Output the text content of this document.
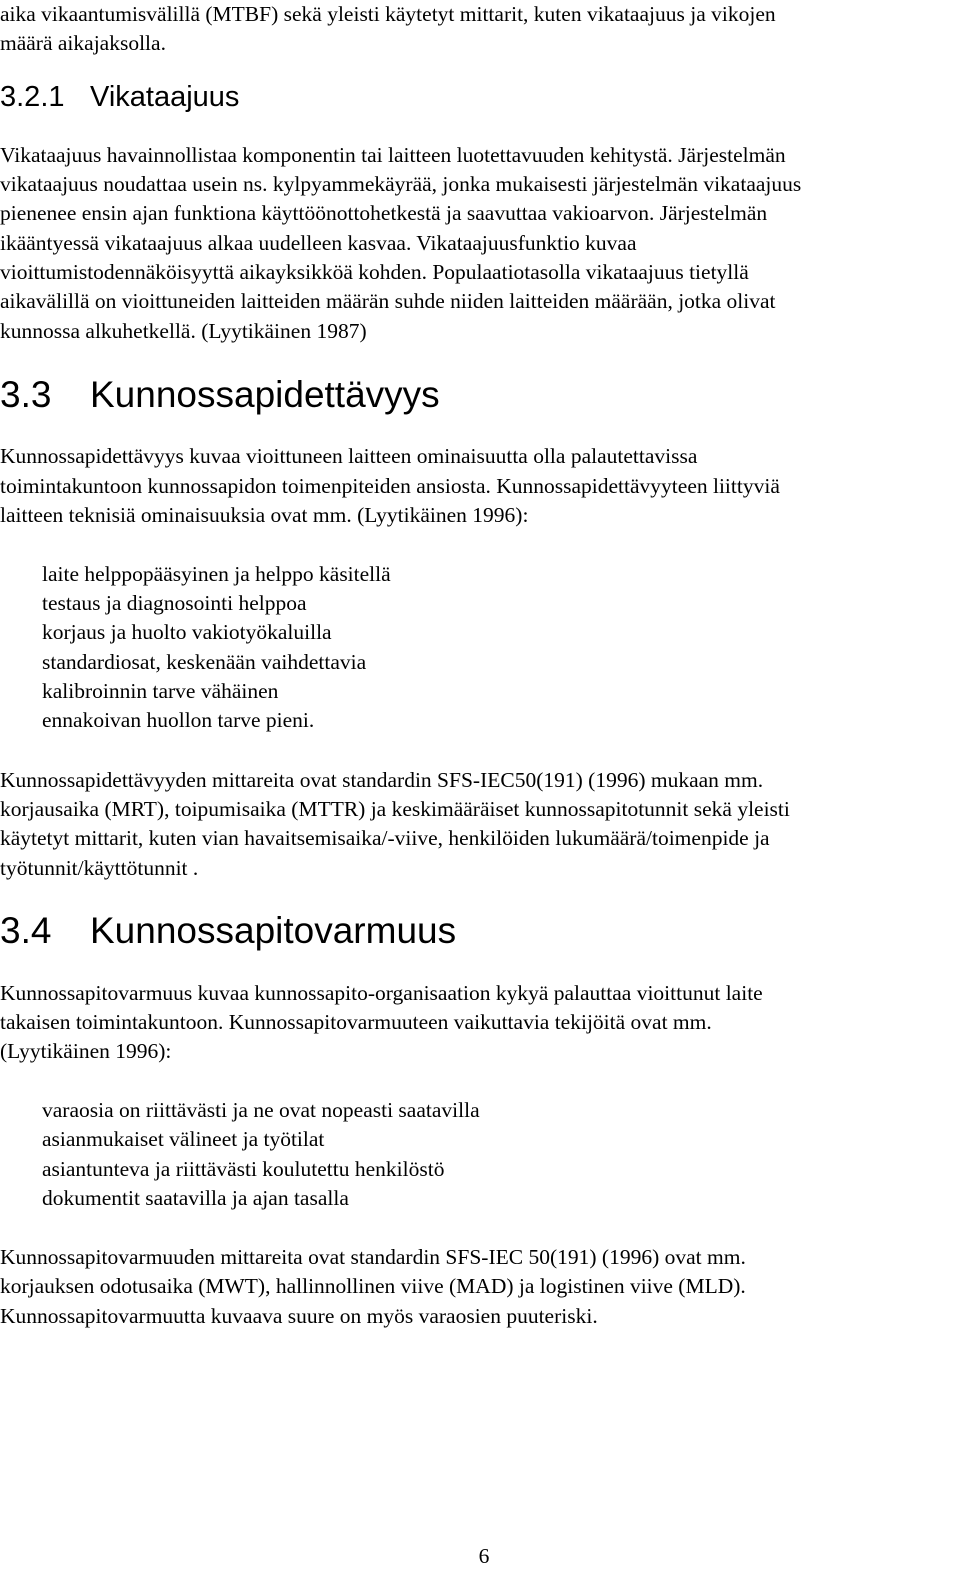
aika vikaantumisvälillä (MTBF) sekä yleisti käytetyt mittarit, kuten vikataajuus ja vikojen
määrä aikajaksolla.
3.2.1 Vikataajuus
Vikataajuus havainnollistaa komponentin tai laitteen luotettavuuden kehitystä. Järjestelmän
vikataajuus noudattaa usein ns. kylpyammekäyrää, jonka mukaisesti järjestelmän vikataajuus
pienenee ensin ajan funktiona käyttöönottohetkestä ja saavuttaa vakioarvon. Järjestelmän
ikääntyessä vikataajuus alkaa uudelleen kasvaa. Vikataajuusfunktio kuvaa
vioittumistodennäköisyyttä aikayksikköä kohden. Populaatiotasolla vikataajuus tietyllä
aikavälillä on vioittuneiden laitteiden määrän suhde niiden laitteiden määrään, jotka olivat
kunnossa alkuhetkellä. (Lyytikäinen 1987)
3.3 Kunnossapidettävyys
Kunnossapidettävyys kuvaa vioittuneen laitteen ominaisuutta olla palautettavissa
toimintakuntoon kunnossapidon toimenpiteiden ansiosta. Kunnossapidettävyyteen liittyviä
laitteen teknisiä ominaisuuksia ovat mm. (Lyytikäinen 1996):
laite helppopääsyinen ja helppo käsitellä
testaus ja diagnosointi helppoa
korjaus ja huolto vakiotyökaluilla
standardiosat, keskenään vaihdettavia
kalibroinnin tarve vähäinen
ennakoivan huollon tarve pieni.
Kunnossapidettävyyden mittareita ovat standardin SFS-IEC50(191) (1996) mukaan mm.
korjausaika (MRT), toipumisaika (MTTR) ja keskimääräiset kunnossapitotunnit sekä yleisti
käytetyt mittarit, kuten vian havaitsemisaika/-viive, henkilöiden lukumäärä/toimenpide ja
työtunnit/käyttötunnit .
3.4 Kunnossapitovarmuus
Kunnossapitovarmuus kuvaa kunnossapito-organisaation kykyä palauttaa vioittunut laite
takaisen toimintakuntoon. Kunnossapitovarmuuteen vaikuttavia tekijöitä ovat mm.
(Lyytikäinen 1996):
varaosia on riittävästi ja ne ovat nopeasti saatavilla
asianmukaiset välineet ja työtilat
asiantunteva ja riittävästi koulutettu henkilöstö
dokumentit saatavilla ja ajan tasalla
Kunnossapitovarmuuden mittareita ovat standardin SFS-IEC 50(191) (1996) ovat mm.
korjauksen odotusaika (MWT), hallinnollinen viive (MAD) ja logistinen viive (MLD).
Kunnossapitovarmuutta kuvaava suure on myös varaosien puuteriski.
6
